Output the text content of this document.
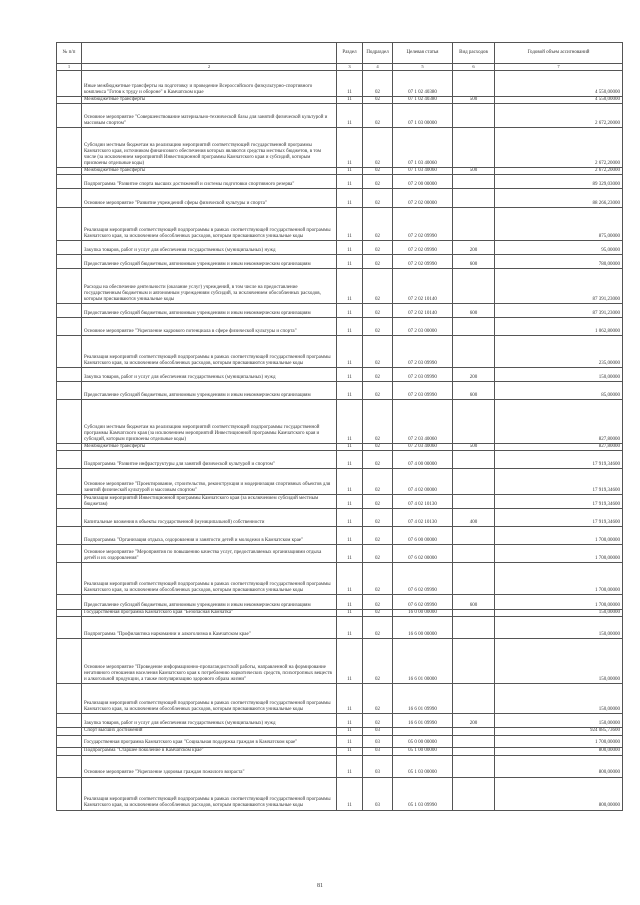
№ п/п		Раздел	Подраздел	Целевая статья	Вид расходов	Годовой объем ассигнований
1	2	3	4	5	6	7
	Иные межбюджетные трансферты на подготовку и проведение Всероссийского физкультурно-спортивного комплекса "Готов к труду и обороне" в Камчатском крае	11	02	07 1 02 40380		4 550,00000
	Межбюджетные трансферты	11	02	07 1 02 40380	500	4 550,00000
	Основное мероприятие "Совершенствование материально-технической базы для занятий физической культурой и массовым спортом"	11	02	07 1 03 00000		2 672,20000
	Субсидии местным бюджетам на реализацию мероприятий соответствующей государственной программы Камчатского края, источником финансового обеспечения которых являются средства местных бюджетов, в том числе (за исключением мероприятий Инвестиционной программы Камчатского края и субсидий, которым присвоены отдельные коды)	11	02	07 1 03 40060		2 672,20000
	Межбюджетные трансферты	11	02	07 1 03 40060	500	2 672,20000
	Подпрограмма "Развитие спорта высших достижений и системы подготовки спортивного резерва"	11	02	07 2 00 00000		89 329,03000
	Основное мероприятие "Развитие учреждений сферы физической культуры и спорта"	11	02	07 2 02 00000		88 266,23000
	Реализация мероприятий соответствующей подпрограммы в рамках соответствующей государственной программы Камчатского края, за исключением обособленных расходов, которым присваиваются уникальные коды	11	02	07 2 02 09990		875,00000
	Закупка товаров, работ и услуг для обеспечения государственных (муниципальных) нужд	11	02	07 2 02 09990	200	95,00000
	Предоставление субсидий бюджетным, автономным учреждениям и иным некоммерческим организациям	11	02	07 2 02 09990	600	780,00000
	Расходы на обеспечение деятельности (оказание услуг) учреждений, в том числе на предоставление государственным бюджетным и автономным учреждениям субсидий, за исключением обособленных расходов, которым присваиваются уникальные коды	11	02	07 2 02 10140		87 391,23000
	Предоставление субсидий бюджетным, автономным учреждениям и иным некоммерческим организациям	11	02	07 2 02 10140	600	87 391,23000
	Основное мероприятие "Укрепление кадрового потенциала в сфере физической культуры и спорта"	11	02	07 2 03 00000		1 062,80000
	Реализация мероприятий соответствующей подпрограммы в рамках соответствующей государственной программы Камчатского края, за исключением обособленных расходов, которым присваиваются уникальные коды	11	02	07 2 03 09990		235,00000
	Закупка товаров, работ и услуг для обеспечения государственных (муниципальных) нужд	11	02	07 2 03 09990	200	150,00000
	Предоставление субсидий бюджетным, автономным учреждениям и иным некоммерческим организациям	11	02	07 2 03 09990	600	85,00000
	Субсидии местным бюджетам на реализацию мероприятий соответствующей подпрограммы государственной программы Камчатского края (за исключением мероприятий Инвестиционной программы Камчатского края и субсидий, которым присвоены отдельные коды)	11	02	07 2 03 40060		827,80000
	Межбюджетные трансферты	11	02	07 2 03 40060	500	827,80000
	Подпрограмма "Развитие инфраструктуры для занятий физической культурой и спортом"	11	02	07 4 00 00000		17 919,34600
	Основное мероприятие "Проектирование, строительство, реконструкция и модернизация спортивных объектов для занятий физической культурой и массовым спортом"	11	02	07 4 02 00000		17 919,34600
	Реализация мероприятий Инвестиционной программы Камчатского края (за исключением субсидий местным бюджетам)	11	02	07 4 02 10130		17 919,34600
	Капитальные вложения в объекты государственной (муниципальной) собственности	11	02	07 4 02 10130	400	17 919,34600
	Подпрограмма "Организация отдыха, оздоровления и занятости детей и молодежи в Камчатском крае"	11	02	07 6 00 00000		1 700,00000
	Основное мероприятие "Мероприятия по повышению качества услуг, предоставляемых организациями отдыха детей и их оздоровления"	11	02	07 6 02 00000		1 700,00000
	Реализация мероприятий соответствующей подпрограммы в рамках соответствующей государственной программы Камчатского края, за исключением обособленных расходов, которым присваиваются уникальные коды	11	02	07 6 02 09990		1 700,00000
	Предоставление субсидий бюджетным, автономным учреждениям и иным некоммерческим организациям	11	02	07 6 02 09990	600	1 700,00000
	Государственная программа Камчатского края "Безопасная Камчатка"	11	02	16 0 00 00000		150,00000
	Подпрограмма "Профилактика наркомании и алкоголизма в Камчатском крае"	11	02	16 6 00 00000		150,00000
	Основное мероприятие "Проведение информационно-пропагандистской работы, направленной на формирование негативного отношения населения Камчатского края к потреблению наркотических средств, психотропных веществ и алкогольной продукции, а также популяризацию здорового образа жизни"	11	02	16 6 01 00000		150,00000
	Реализация мероприятий соответствующей подпрограммы в рамках соответствующей государственной программы Камчатского края, за исключением обособленных расходов, которым присваиваются уникальные коды	11	02	16 6 01 09990		150,00000
	Закупка товаров, работ и услуг для обеспечения государственных (муниципальных) нужд	11	02	16 6 01 09990	200	150,00000
	Спорт высших достижений	11	03			924 085,73600
	Государственная программа Камчатского края "Социальная поддержка граждан в Камчатском крае"	11	03	05 0 00 00000		1 700,00000
	Подпрограмма "Старшее поколение в Камчатском крае"	11	03	05 1 00 00000		800,00000
	Основное мероприятие "Укрепление здоровья граждан пожилого возраста"	11	03	05 1 03 00000		800,00000
	Реализация мероприятий соответствующей подпрограммы в рамках соответствующей государственной программы Камчатского края, за исключением обособленных расходов, которым присваиваются уникальные коды	11	03	05 1 03 09990		800,00000
81
